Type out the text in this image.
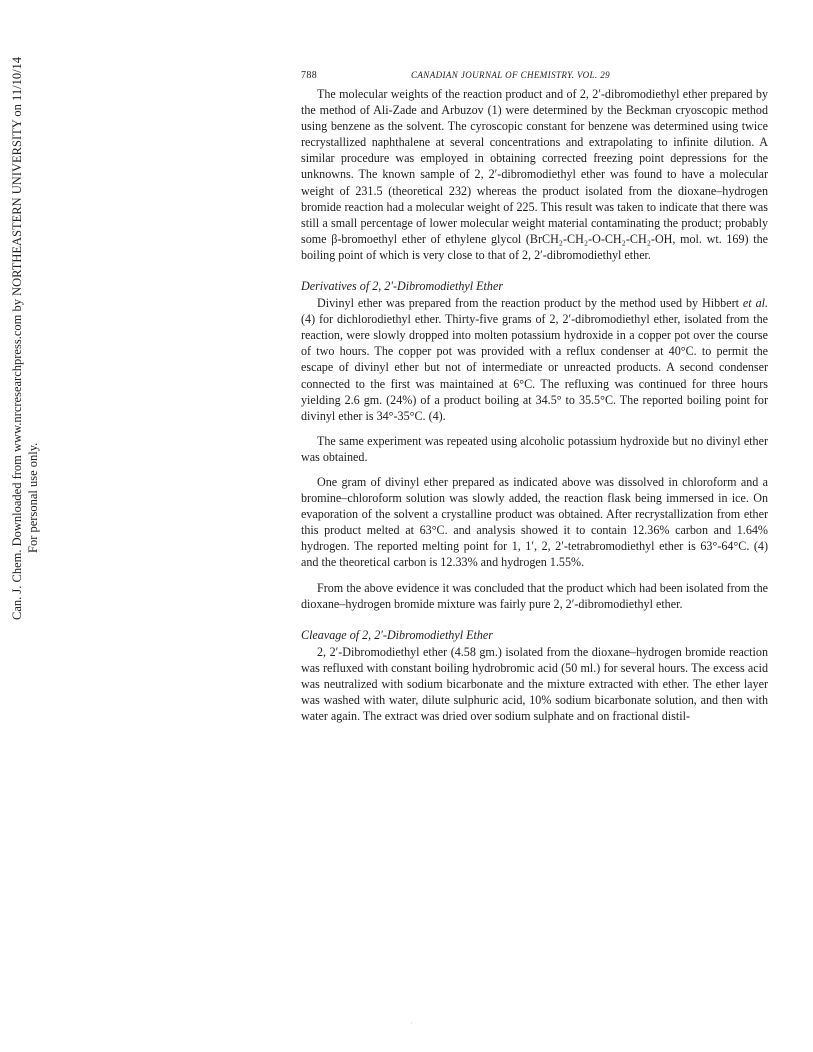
Can. J. Chem. Downloaded from www.nrcresearchpress.com by NORTHEASTERN UNIVERSITY on 11/10/14 For personal use only.
788	CANADIAN JOURNAL OF CHEMISTRY. VOL. 29

The molecular weights of the reaction product and of 2, 2′-dibromodiethyl ether prepared by the method of Ali-Zade and Arbuzov (1) were determined by the Beckman cryoscopic method using benzene as the solvent. The cyroscopic constant for benzene was determined using twice recrystallized naphthalene at several concentrations and extrapolating to infinite dilution. A similar procedure was employed in obtaining corrected freezing point depressions for the unknowns. The known sample of 2, 2′-dibromodiethyl ether was found to have a molecular weight of 231.5 (theoretical 232) whereas the product isolated from the dioxane–hydrogen bromide reaction had a molecular weight of 225. This result was taken to indicate that there was still a small percentage of lower molecular weight material contaminating the product; probably some β-bromoethyl ether of ethylene glycol (BrCH₂-CH₂-O-CH₂-CH₂-OH, mol. wt. 169) the boiling point of which is very close to that of 2, 2′-dibromodiethyl ether.

Derivatives of 2, 2′-Dibromodiethyl Ether

Divinyl ether was prepared from the reaction product by the method used by Hibbert et al. (4) for dichlorodiethyl ether. Thirty-five grams of 2, 2′-dibromodiethyl ether, isolated from the reaction, were slowly dropped into molten potassium hydroxide in a copper pot over the course of two hours. The copper pot was provided with a reflux condenser at 40°C. to permit the escape of divinyl ether but not of intermediate or unreacted products. A second condenser connected to the first was maintained at 6°C. The refluxing was continued for three hours yielding 2.6 gm. (24%) of a product boiling at 34.5° to 35.5°C. The reported boiling point for divinyl ether is 34°-35°C. (4).

The same experiment was repeated using alcoholic potassium hydroxide but no divinyl ether was obtained.

One gram of divinyl ether prepared as indicated above was dissolved in chloroform and a bromine–chloroform solution was slowly added, the reaction flask being immersed in ice. On evaporation of the solvent a crystalline product was obtained. After recrystallization from ether this product melted at 63°C. and analysis showed it to contain 12.36% carbon and 1.64% hydrogen. The reported melting point for 1, 1′, 2, 2′-tetrabromodiethyl ether is 63°-64°C. (4) and the theoretical carbon is 12.33% and hydrogen 1.55%.

From the above evidence it was concluded that the product which had been isolated from the dioxane–hydrogen bromide mixture was fairly pure 2, 2′-dibromodiethyl ether.

Cleavage of 2, 2′-Dibromodiethyl Ether

2, 2′-Dibromodiethyl ether (4.58 gm.) isolated from the dioxane–hydrogen bromide reaction was refluxed with constant boiling hydrobromic acid (50 ml.) for several hours. The excess acid was neutralized with sodium bicarbonate and the mixture extracted with ether. The ether layer was washed with water, dilute sulphuric acid, 10% sodium bicarbonate solution, and then with water again. The extract was dried over sodium sulphate and on fractional distil-

·
